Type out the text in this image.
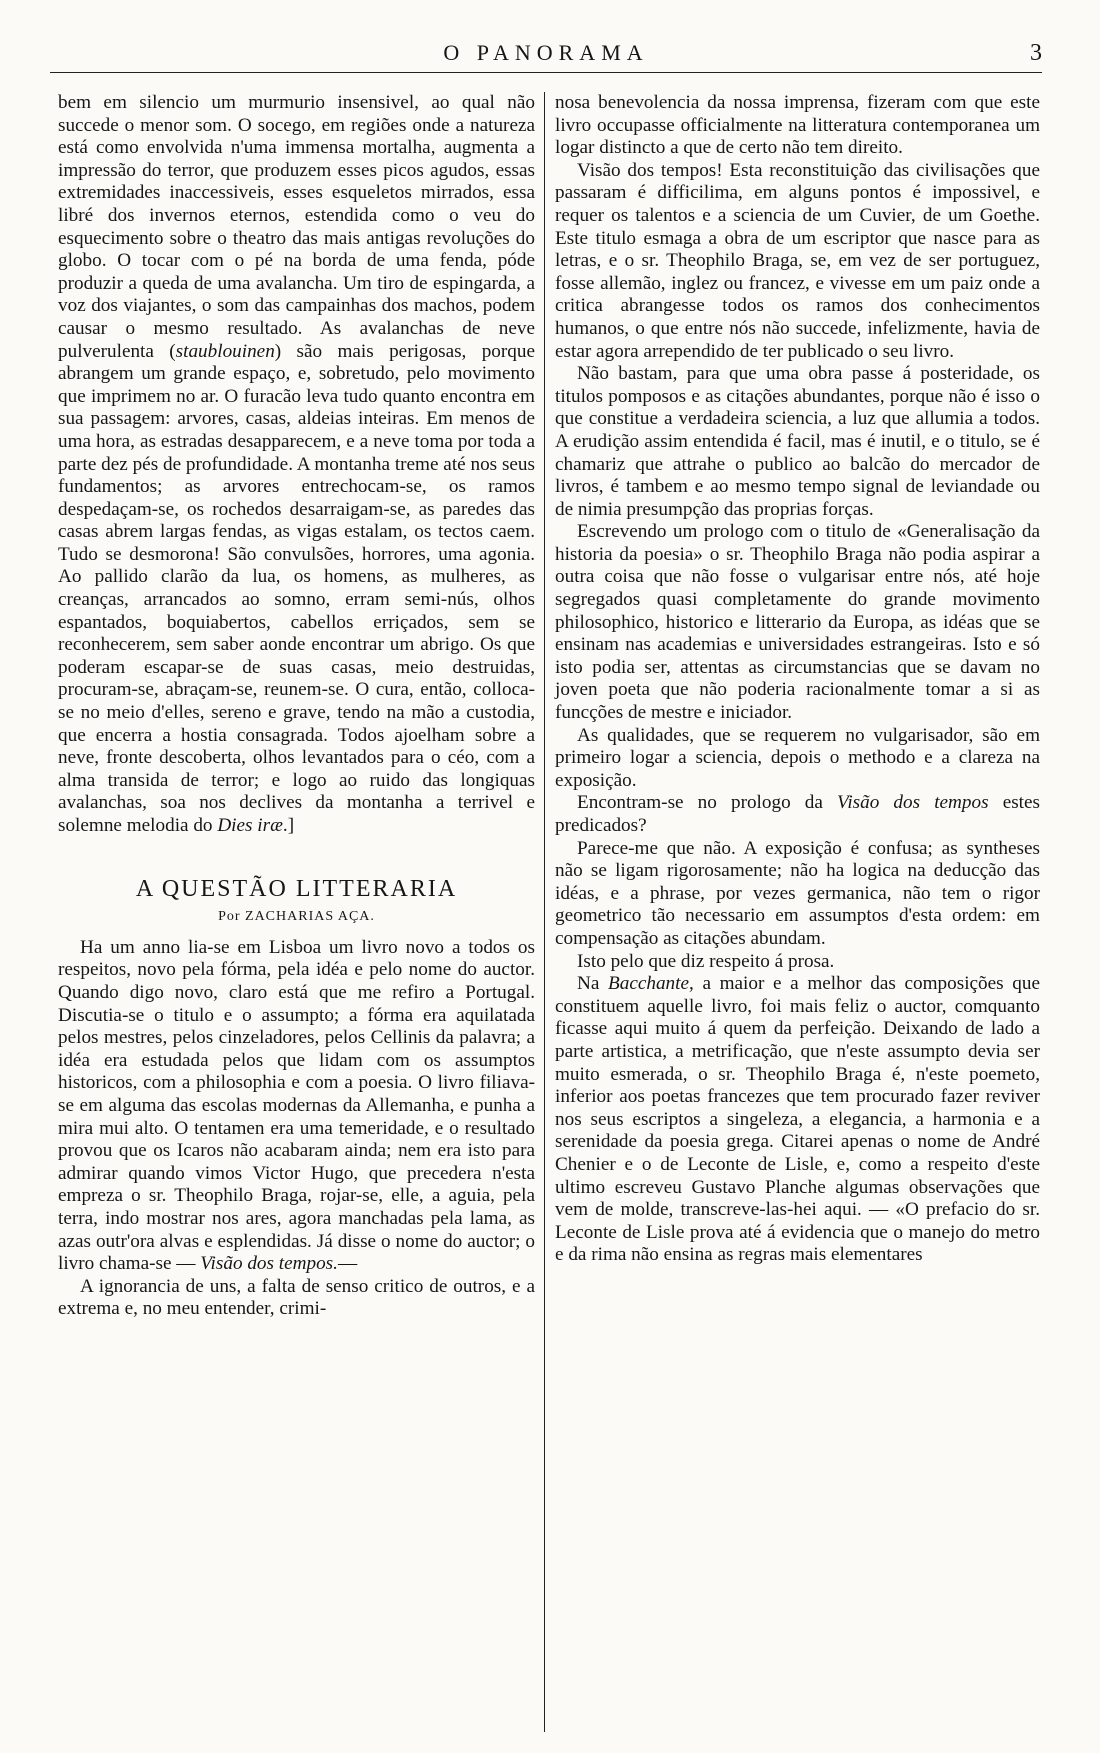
O PANORAMA	3

bem em silencio um murmurio insensivel, ao qual não succede o menor som. O socego, em regiões onde a natureza está como envolvida n'uma immensa mortalha, augmenta a impressão do terror, que produzem esses picos agudos, essas extremidades inaccessiveis, esses esqueletos mirrados, essa libré dos invernos eternos, estendida como o veu do esquecimento sobre o theatro das mais antigas revoluções do globo. O tocar com o pé na borda de uma fenda, póde produzir a queda de uma avalancha. Um tiro de espingarda, a voz dos viajantes, o som das campainhas dos machos, podem causar o mesmo resultado. As avalanchas de neve pulverulenta (staublouinen) são mais perigosas, porque abrangem um grande espaço, e, sobretudo, pelo movimento que imprimem no ar. O furacão leva tudo quanto encontra em sua passagem: arvores, casas, aldeias inteiras. Em menos de uma hora, as estradas desapparecem, e a neve toma por toda a parte dez pés de profundidade. A montanha treme até nos seus fundamentos; as arvores entrechocam-se, os ramos despedaçam-se, os rochedos desarraigam-se, as paredes das casas abrem largas fendas, as vigas estalam, os tectos caem. Tudo se desmorona! São convulsões, horrores, uma agonia. Ao pallido clarão da lua, os homens, as mulheres, as creanças, arrancados ao somno, erram semi-nús, olhos espantados, boquiabertos, cabellos erriçados, sem se reconhecerem, sem saber aonde encontrar um abrigo. Os que poderam escapar-se de suas casas, meio destruidas, procuram-se, abraçam-se, reunem-se. O cura, então, colloca-se no meio d'elles, sereno e grave, tendo na mão a custodia, que encerra a hostia consagrada. Todos ajoelham sobre a neve, fronte descoberta, olhos levantados para o céo, com a alma transida de terror; e logo ao ruido das longiquas avalanchas, soa nos declives da montanha a terrivel e solemne melodia do Dies iræ.]

A QUESTÃO LITTERARIA
Por ZACHARIAS AÇA.

Ha um anno lia-se em Lisboa um livro novo a todos os respeitos, novo pela fórma, pela idéa e pelo nome do auctor. Quando digo novo, claro está que me refiro a Portugal. Discutia-se o titulo e o assumpto; a fórma era aquilatada pelos mestres, pelos cinzeladores, pelos Cellinis da palavra; a idéa era estudada pelos que lidam com os assumptos historicos, com a philosophia e com a poesia. O livro filiava-se em alguma das escolas modernas da Allemanha, e punha a mira mui alto. O tentamen era uma temeridade, e o resultado provou que os Icaros não acabaram ainda; nem era isto para admirar quando vimos Victor Hugo, que precedera n'esta empreza o sr. Theophilo Braga, rojar-se, elle, a aguia, pela terra, indo mostrar nos ares, agora manchadas pela lama, as azas outr'ora alvas e esplendidas. Já disse o nome do auctor; o livro chama-se — Visão dos tempos.—

A ignorancia de uns, a falta de senso critico de outros, e a extrema e, no meu entender, crimi-

nosa benevolencia da nossa imprensa, fizeram com que este livro occupasse officialmente na litteratura contemporanea um logar distincto a que de certo não tem direito.

Visão dos tempos! Esta reconstituição das civilisações que passaram é difficilima, em alguns pontos é impossivel, e requer os talentos e a sciencia de um Cuvier, de um Goethe. Este titulo esmaga a obra de um escriptor que nasce para as letras, e o sr. Theophilo Braga, se, em vez de ser portuguez, fosse allemão, inglez ou francez, e vivesse em um paiz onde a critica abrangesse todos os ramos dos conhecimentos humanos, o que entre nós não succede, infelizmente, havia de estar agora arrependido de ter publicado o seu livro.

Não bastam, para que uma obra passe á posteridade, os titulos pomposos e as citações abundantes, porque não é isso o que constitue a verdadeira sciencia, a luz que allumia a todos. A erudição assim entendida é facil, mas é inutil, e o titulo, se é chamariz que attrahe o publico ao balcão do mercador de livros, é tambem e ao mesmo tempo signal de leviandade ou de nimia presumpção das proprias forças.

Escrevendo um prologo com o titulo de «Generalisação da historia da poesia» o sr. Theophilo Braga não podia aspirar a outra coisa que não fosse o vulgarisar entre nós, até hoje segregados quasi completamente do grande movimento philosophico, historico e litterario da Europa, as idéas que se ensinam nas academias e universidades estrangeiras. Isto e só isto podia ser, attentas as circumstancias que se davam no joven poeta que não poderia racionalmente tomar a si as funcções de mestre e iniciador.

As qualidades, que se requerem no vulgarisador, são em primeiro logar a sciencia, depois o methodo e a clareza na exposição.

Encontram-se no prologo da Visão dos tempos estes predicados?

Parece-me que não. A exposição é confusa; as syntheses não se ligam rigorosamente; não ha logica na deducção das idéas, e a phrase, por vezes germanica, não tem o rigor geometrico tão necessario em assumptos d'esta ordem: em compensação as citações abundam.

Isto pelo que diz respeito á prosa.

Na Bacchante, a maior e a melhor das composições que constituem aquelle livro, foi mais feliz o auctor, comquanto ficasse aqui muito á quem da perfeição. Deixando de lado a parte artistica, a metrificação, que n'este assumpto devia ser muito esmerada, o sr. Theophilo Braga é, n'este poemeto, inferior aos poetas francezes que tem procurado fazer reviver nos seus escriptos a singeleza, a elegancia, a harmonia e a serenidade da poesia grega. Citarei apenas o nome de André Chenier e o de Leconte de Lisle, e, como a respeito d'este ultimo escreveu Gustavo Planche algumas observações que vem de molde, transcreve-las-hei aqui. — «O prefacio do sr. Leconte de Lisle prova até á evidencia que o manejo do metro e da rima não ensina as regras mais elementares
